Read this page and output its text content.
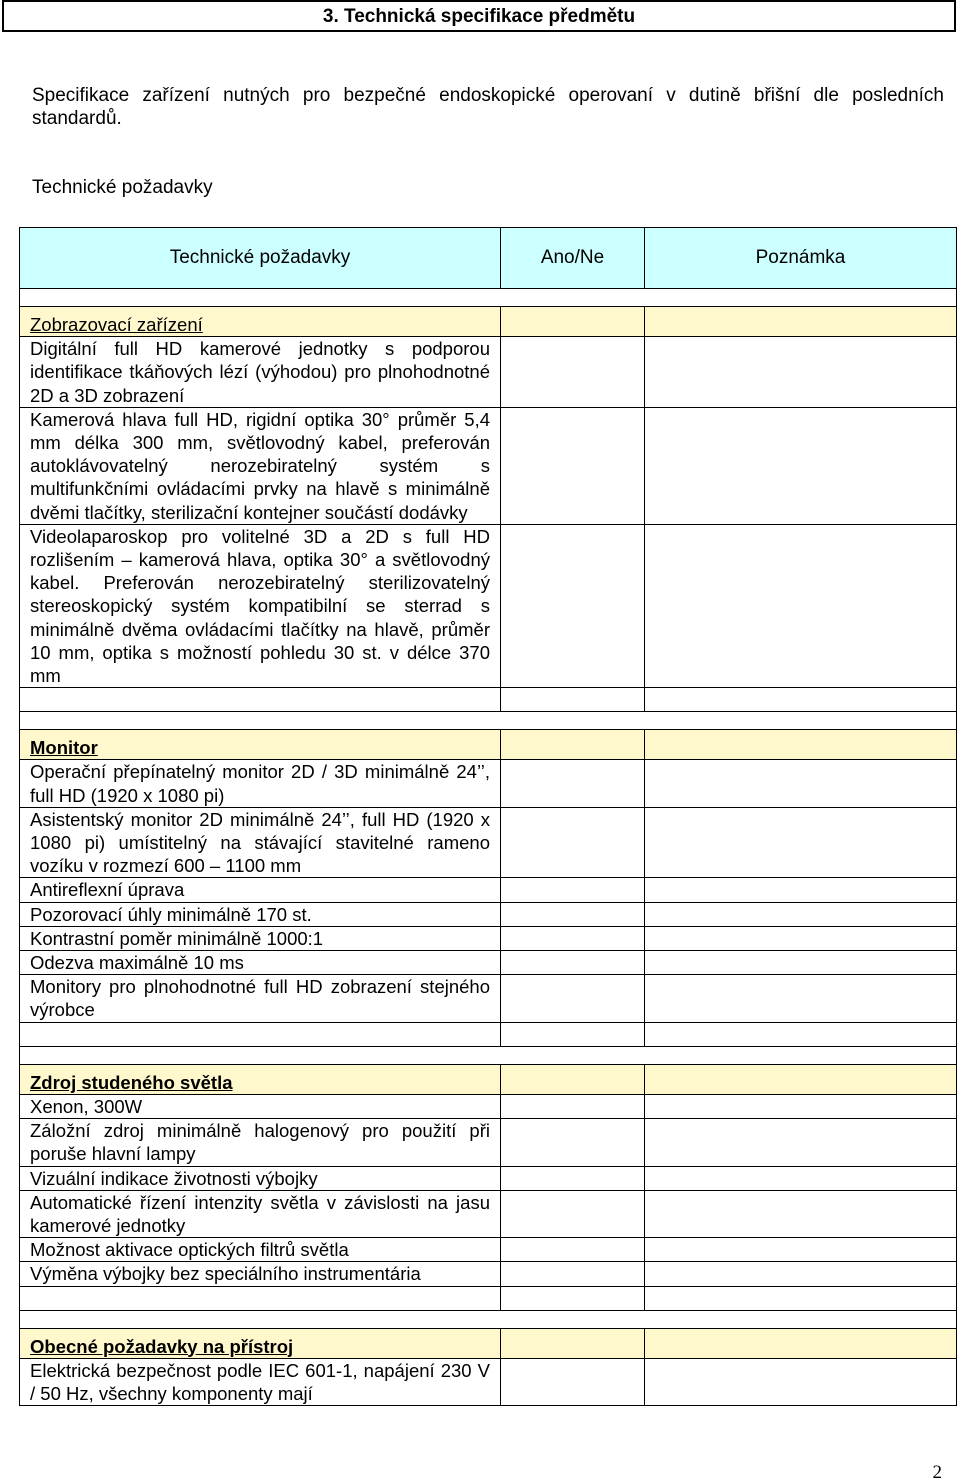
3. Technická specifikace předmětu
Specifikace zařízení nutných pro bezpečné endoskopické operovaní v dutině břišní dle posledních standardů.
Technické požadavky
Technické požadavky	Ano/Ne	Poznámka

Zobrazovací zařízení		
Digitální full HD kamerové jednotky s podporou identifikace tkáňových lézí (výhodou) pro plnohodnotné 2D a 3D zobrazení		
Kamerová hlava full HD, rigidní optika 30° průměr 5,4 mm délka 300 mm, světlovodný kabel, preferován autoklávovatelný nerozebiratelný systém s multifunkčními ovládacími prvky na hlavě s minimálně dvěmi tlačítky, sterilizační kontejner součástí dodávky		
Videolaparoskop pro volitelné 3D a 2D s full HD rozlišením – kamerová hlava, optika 30° a světlovodný kabel. Preferován nerozebiratelný sterilizovatelný stereoskopický systém kompatibilní se sterrad s minimálně dvěma ovládacími tlačítky na hlavě, průměr 10 mm, optika s možností pohledu 30 st. v délce 370 mm		

Monitor		
Operační přepínatelný monitor 2D / 3D minimálně 24’’, full HD (1920 x 1080 pi)		
Asistentský monitor 2D minimálně 24’’, full HD (1920 x 1080 pi) umístitelný na stávající stavitelné rameno vozíku v rozmezí 600 – 1100 mm		
Antireflexní úprava		
Pozorovací úhly minimálně 170 st.		
Kontrastní poměr minimálně 1000:1		
Odezva maximálně 10 ms		
Monitory pro plnohodnotné full HD zobrazení stejného výrobce		

Zdroj studeného světla		
Xenon, 300W		
Záložní zdroj minimálně halogenový pro použití při poruše hlavní lampy		
Vizuální indikace životnosti výbojky		
Automatické řízení intenzity světla v závislosti na jasu kamerové jednotky		
Možnost aktivace optických filtrů světla		
Výměna výbojky bez speciálního instrumentária		

Obecné požadavky na přístroj		
Elektrická bezpečnost podle IEC 601-1, napájení 230 V / 50 Hz, všechny komponenty mají		
2
